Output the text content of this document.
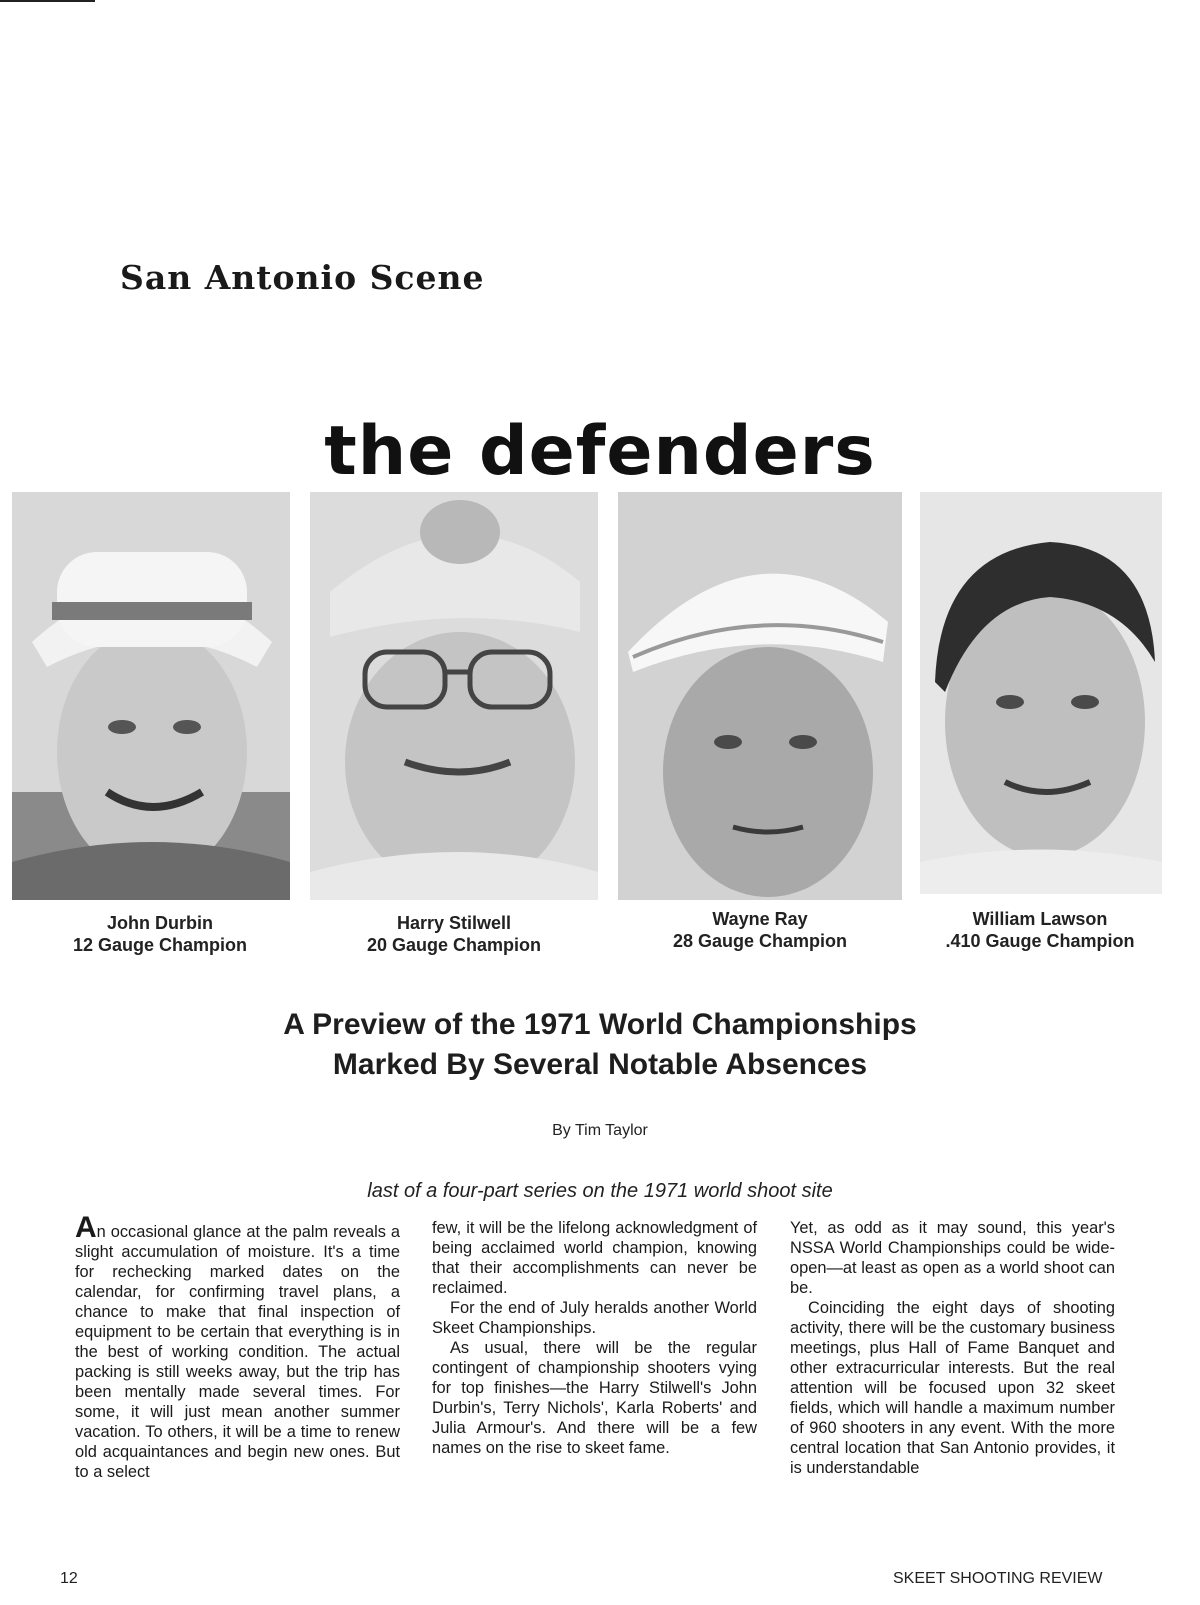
San Antonio Scene
the defenders
John Durbin
12 Gauge Champion
Harry Stilwell
20 Gauge Champion
Wayne Ray
28 Gauge Champion
William Lawson
.410 Gauge Champion
A Preview of the 1971 World Championships
Marked By Several Notable Absences
By Tim Taylor
last of a four-part series on the 1971 world shoot site

An occasional glance at the palm reveals a slight accumulation of moisture. It's a time for rechecking marked dates on the calendar, for confirming travel plans, a chance to make that final inspection of equipment to be certain that everything is in the best of working condition. The actual packing is still weeks away, but the trip has been mentally made several times. For some, it will just mean another summer vacation. To others, it will be a time to renew old acquaintances and begin new ones. But to a select

few, it will be the lifelong acknowledgment of being acclaimed world champion, knowing that their accomplishments can never be reclaimed.

For the end of July heralds another World Skeet Championships.

As usual, there will be the regular contingent of championship shooters vying for top finishes—the Harry Stilwell's John Durbin's, Terry Nichols', Karla Roberts' and Julia Armour's. And there will be a few names on the rise to skeet fame.

Yet, as odd as it may sound, this year's NSSA World Championships could be wide-open—at least as open as a world shoot can be.

Coinciding the eight days of shooting activity, there will be the customary business meetings, plus Hall of Fame Banquet and other extracurricular interests. But the real attention will be focused upon 32 skeet fields, which will handle a maximum number of 960 shooters in any event. With the more central location that San Antonio provides, it is understandable

12	SKEET SHOOTING REVIEW
